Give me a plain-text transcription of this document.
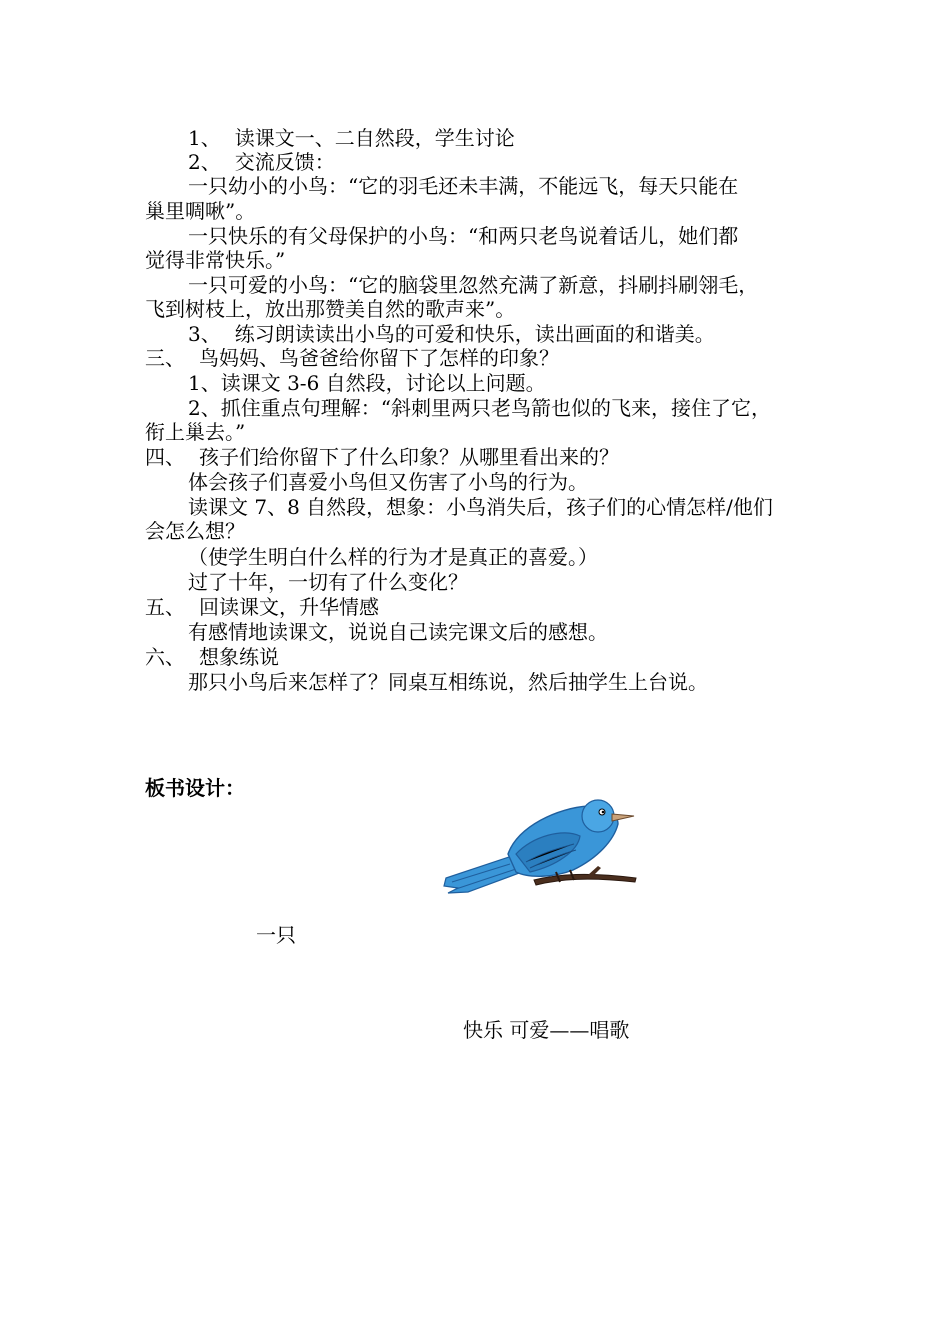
1、 读课文一、二自然段，学生讨论
2、 交流反馈：
一只幼小的小鸟：“它的羽毛还未丰满，不能远飞，每天只能在
巢里啁啾”。
一只快乐的有父母保护的小鸟：“和两只老鸟说着话儿，她们都
觉得非常快乐。”
一只可爱的小鸟：“它的脑袋里忽然充满了新意，抖刷抖刷翎毛，
飞到树枝上，放出那赞美自然的歌声来”。
3、 练习朗读读出小鸟的可爱和快乐，读出画面的和谐美。
三、 鸟妈妈、鸟爸爸给你留下了怎样的印象？
1、读课文 3-6 自然段，讨论以上问题。
2、抓住重点句理解：“斜刺里两只老鸟箭也似的飞来，接住了它，
衔上巢去。”
四、 孩子们给你留下了什么印象？从哪里看出来的？
体会孩子们喜爱小鸟但又伤害了小鸟的行为。
读课文 7、8 自然段，想象：小鸟消失后，孩子们的心情怎样/他们
会怎么想？
（使学生明白什么样的行为才是真正的喜爱。）
过了十年，一切有了什么变化？
五、 回读课文，升华情感
有感情地读课文，说说自己读完课文后的感想。
六、 想象练说
那只小鸟后来怎样了？同桌互相练说，然后抽学生上台说。
板书设计：
一只
快乐 可爱——唱歌
